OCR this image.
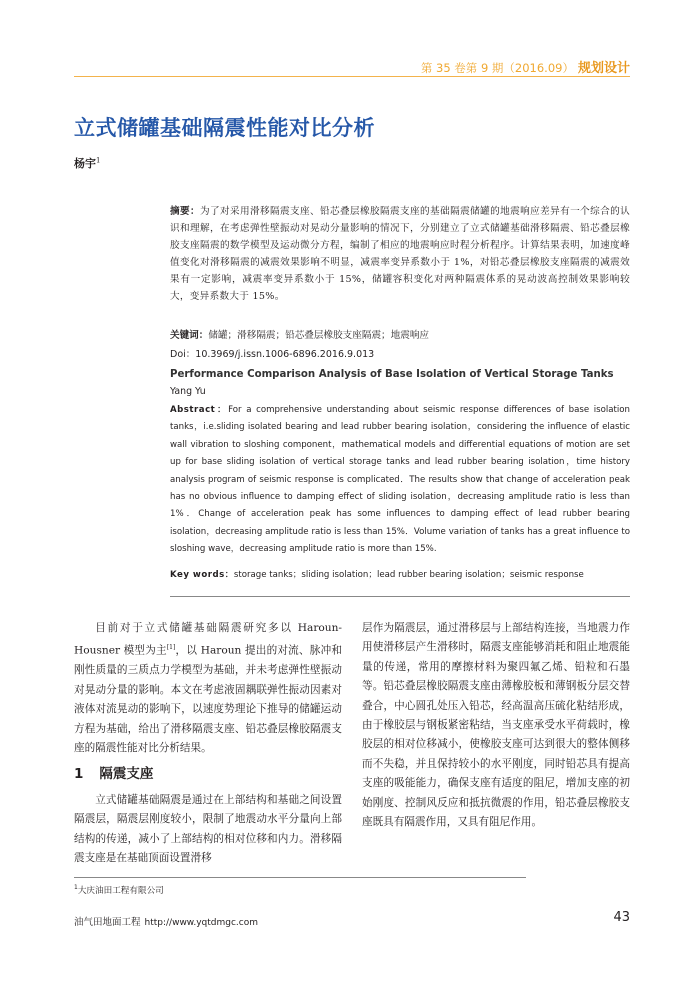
第 35 卷第 9 期（2016.09） 规划设计
立式储罐基础隔震性能对比分析
杨宇$^1$
摘要：为了对采用滑移隔震支座、铅芯叠层橡胶隔震支座的基础隔震储罐的地震响应差异有一个综合的认识和理解，在考虑弹性壁振动对晃动分量影响的情况下，分别建立了立式储罐基础滑移隔震、铅芯叠层橡胶支座隔震的数学模型及运动微分方程，编制了相应的地震响应时程分析程序。计算结果表明，加速度峰值变化对滑移隔震的减震效果影响不明显，减震率变异系数小于 1%，对铅芯叠层橡胶支座隔震的减震效果有一定影响，减震率变异系数小于 15%，储罐容积变化对两种隔震体系的晃动波高控制效果影响较大，变异系数大于 15%。
关键词：储罐；滑移隔震；铅芯叠层橡胶支座隔震；地震响应
Doi：10.3969/j.issn.1006-6896.2016.9.013
Performance Comparison Analysis of Base Isolation of Vertical Storage Tanks
Yang Yu
Abstract：For a comprehensive understanding about seismic response differences of base isolation tanks，i.e.sliding isolated bearing and lead rubber bearing isolation，considering the influence of elastic wall vibration to sloshing component，mathematical models and differential equations of motion are set up for base sliding isolation of vertical storage tanks and lead rubber bearing isolation，time history analysis program of seismic response is complicated．The results show that change of acceleration peak has no obvious influence to damping effect of sliding isolation，decreasing amplitude ratio is less than 1%．Change of acceleration peak has some influences to damping effect of lead rubber bearing isolation，decreasing amplitude ratio is less than 15%．Volume variation of tanks has a great influence to sloshing wave，decreasing amplitude ratio is more than 15%.
Key words：storage tanks；sliding isolation；lead rubber bearing isolation；seismic response

目前对于立式储罐基础隔震研究多以 Haroun-Housner 模型为主[1]，以 Haroun 提出的对流、脉冲和刚性质量的三质点力学模型为基础，并未考虑弹性壁振动对晃动分量的影响。本文在考虑液固耦联弹性振动因素对液体对流晃动的影响下，以速度势理论下推导的储罐运动方程为基础，给出了滑移隔震支座、铅芯叠层橡胶隔震支座的隔震性能对比分析结果。

1 隔震支座

立式储罐基础隔震是通过在上部结构和基础之间设置隔震层，隔震层刚度较小，限制了地震动水平分量向上部结构的传递，减小了上部结构的相对位移和内力。滑移隔震支座是在基础顶面设置滑移

层作为隔震层，通过滑移层与上部结构连接，当地震力作用使滑移层产生滑移时，隔震支座能够消耗和阻止地震能量的传递，常用的摩擦材料为聚四氟乙烯、铅粒和石墨等。铅芯叠层橡胶隔震支座由薄橡胶板和薄钢板分层交替叠合，中心圆孔处压入铅芯，经高温高压硫化粘结形成，由于橡胶层与钢板紧密粘结，当支座承受水平荷载时，橡胶层的相对位移减小，使橡胶支座可达到很大的整体侧移而不失稳，并且保持较小的水平刚度，同时铅芯具有提高支座的吸能能力，确保支座有适度的阻尼，增加支座的初始刚度、控制风反应和抵抗微震的作用，铅芯叠层橡胶支座既具有隔震作用，又具有阻尼作用。

$^1$大庆油田工程有限公司
油气田地面工程 http://www.yqtdmgc.com	43
